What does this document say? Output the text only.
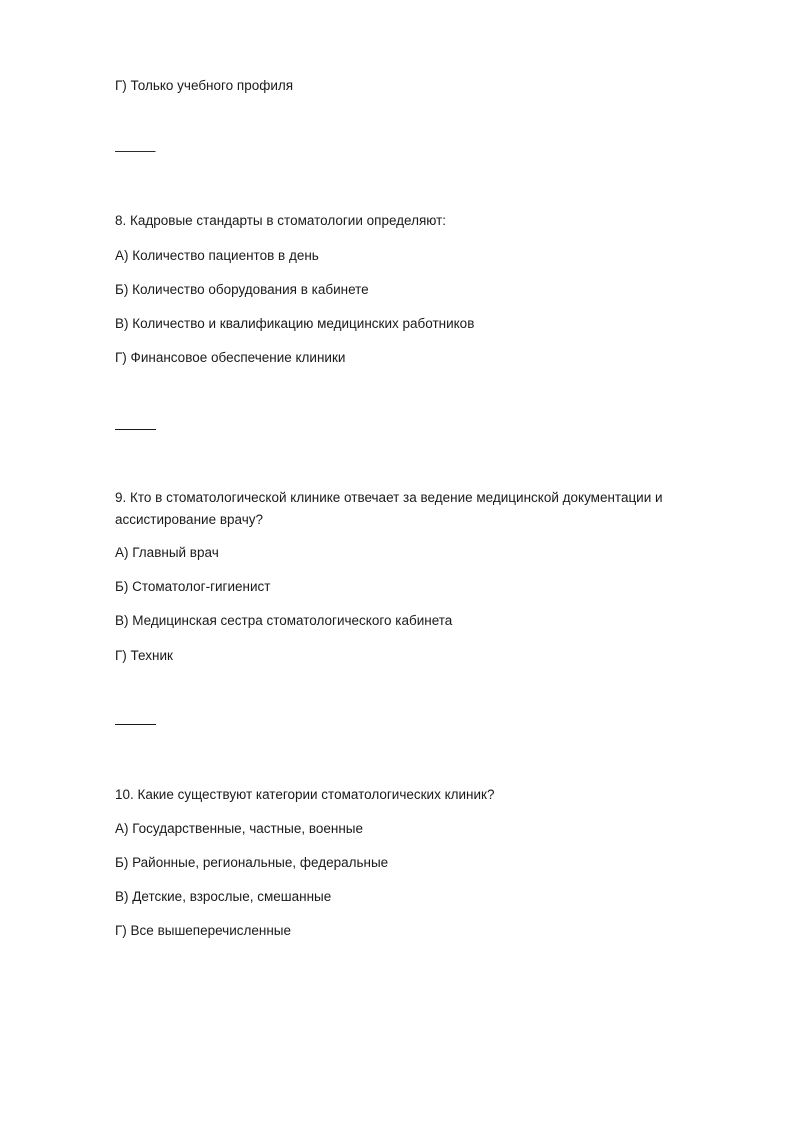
Г) Только учебного профиля
———
8. Кадровые стандарты в стоматологии определяют:
А) Количество пациентов в день
Б) Количество оборудования в кабинете
В) Количество и квалификацию медицинских работников
Г) Финансовое обеспечение клиники
9. Кто в стоматологической клинике отвечает за ведение медицинской документации и ассистирование врачу?
А) Главный врач
Б) Стоматолог-гигиенист
В) Медицинская сестра стоматологического кабинета
Г) Техник
10. Какие существуют категории стоматологических клиник?
А) Государственные, частные, военные
Б) Районные, региональные, федеральные
В) Детские, взрослые, смешанные
Г) Все вышеперечисленные
